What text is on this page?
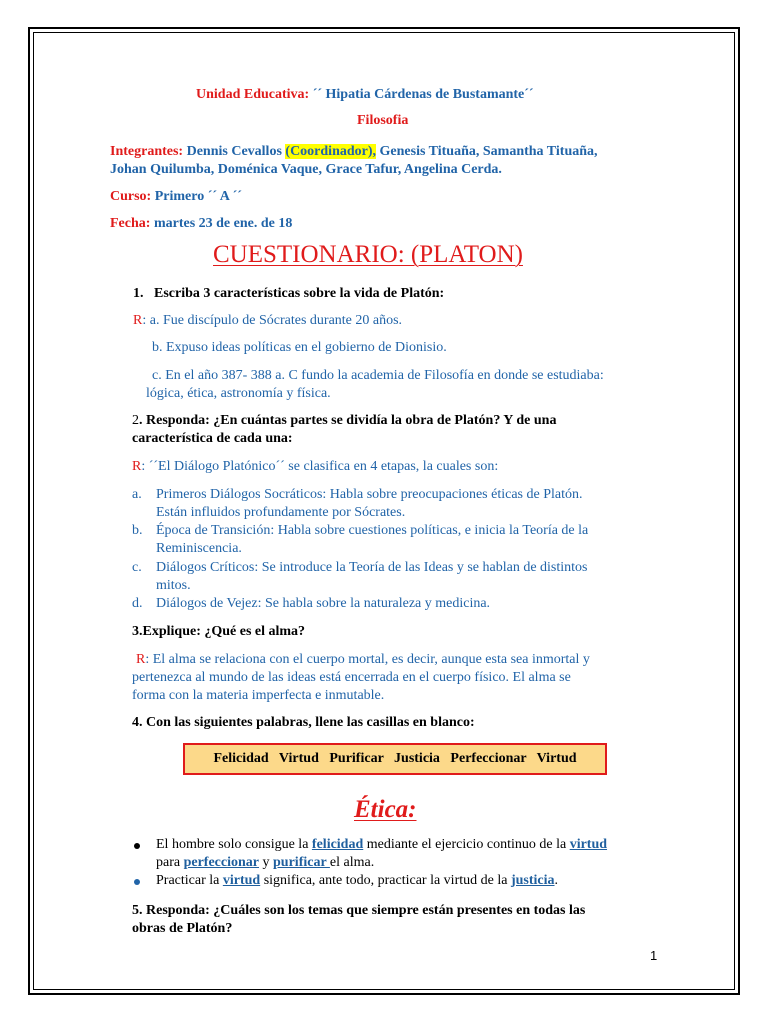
Unidad Educativa: ´´ Hipatia Cárdenas de Bustamante´´
Filosofia
Integrantes: Dennis Cevallos (Coordinador), Genesis Tituaña, Samantha Tituaña,
Johan Quilumba, Doménica Vaque, Grace Tafur, Angelina Cerda.
Curso: Primero ´´ A ´´
Fecha: martes 23 de ene. de 18
CUESTIONARIO: (PLATON)
1. Escriba 3 características sobre la vida de Platón:
R: a. Fue discípulo de Sócrates durante 20 años.
b. Expuso ideas políticas en el gobierno de Dionisio.
c. En el año 387- 388 a. C fundo la academia de Filosofía en donde se estudiaba:
lógica, ética, astronomía y física.
2. Responda: ¿En cuántas partes se dividía la obra de Platón? Y de una
característica de cada una:
R: ´´El Diálogo Platónico´´ se clasifica en 4 etapas, la cuales son:
a. Primeros Diálogos Socráticos: Habla sobre preocupaciones éticas de Platón.
Están influidos profundamente por Sócrates.
b. Época de Transición: Habla sobre cuestiones políticas, e inicia la Teoría de la
Reminiscencia.
c. Diálogos Críticos: Se introduce la Teoría de las Ideas y se hablan de distintos
mitos.
d. Diálogos de Vejez: Se habla sobre la naturaleza y medicina.
3.Explique: ¿Qué es el alma?
R: El alma se relaciona con el cuerpo mortal, es decir, aunque esta sea inmortal y
pertenezca al mundo de las ideas está encerrada en el cuerpo físico. El alma se
forma con la materia imperfecta e inmutable.
4. Con las siguientes palabras, llene las casillas en blanco:
Felicidad   Virtud   Purificar   Justicia   Perfeccionar   Virtud
Ética:
El hombre solo consigue la felicidad mediante el ejercicio continuo de la virtud
para perfeccionar y purificar el alma.
Practicar la virtud significa, ante todo, practicar la virtud de la justicia.
5. Responda: ¿Cuáles son los temas que siempre están presentes en todas las
obras de Platón?
1
